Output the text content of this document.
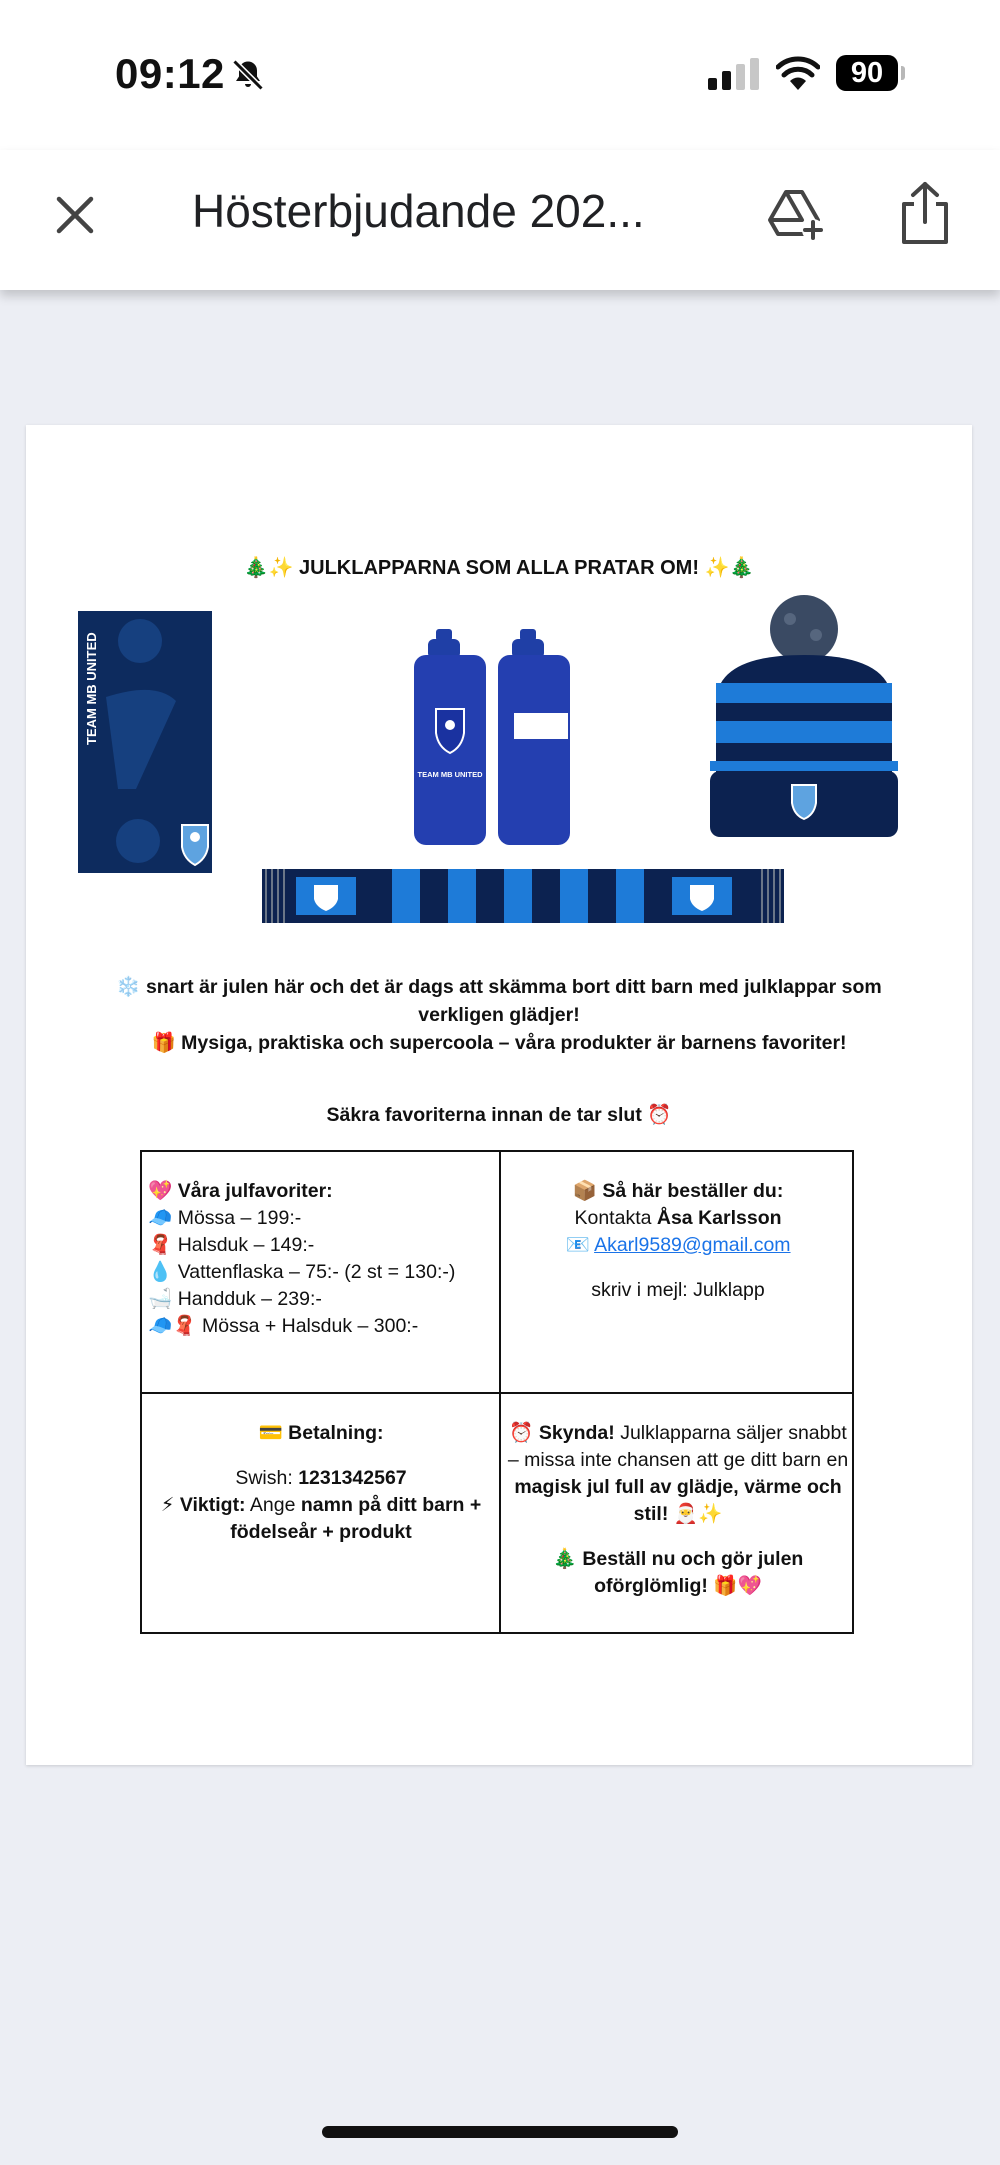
09:12	90
Hösterbjudande 202...
🎄✨ JULKLAPPARNA SOM ALLA PRATAR OM! ✨🎄
TEAM MB UNITED
TEAM MB UNITED

❄️ snart är julen här och det är dags att skämma bort ditt barn med julklappar som verkligen glädjer!

🎁 Mysiga, praktiska och supercoola – våra produkter är barnens favoriter!

Säkra favoriterna innan de tar slut ⏰
💖 Våra julfavoriter:
🧢 Mössa – 199:-
🧣 Halsduk – 149:-
💧 Vattenflaska – 75:- (2 st = 130:-)
🛁 Handduk – 239:-
🧢🧣 Mössa + Halsduk – 300:-
📦 Så här beställer du:
Kontakta Åsa Karlsson
📧 Akarl9589@gmail.com
skriv i mejl: Julklapp
💳 Betalning:
Swish: 1231342567
⚡ Viktigt: Ange namn på ditt barn + födelseår + produkt
⏰ Skynda! Julklapparna säljer snabbt – missa inte chansen att ge ditt barn en magisk jul full av glädje, värme och stil! 🎅✨
🎄 Beställ nu och gör julen oförglömlig! 🎁💖
